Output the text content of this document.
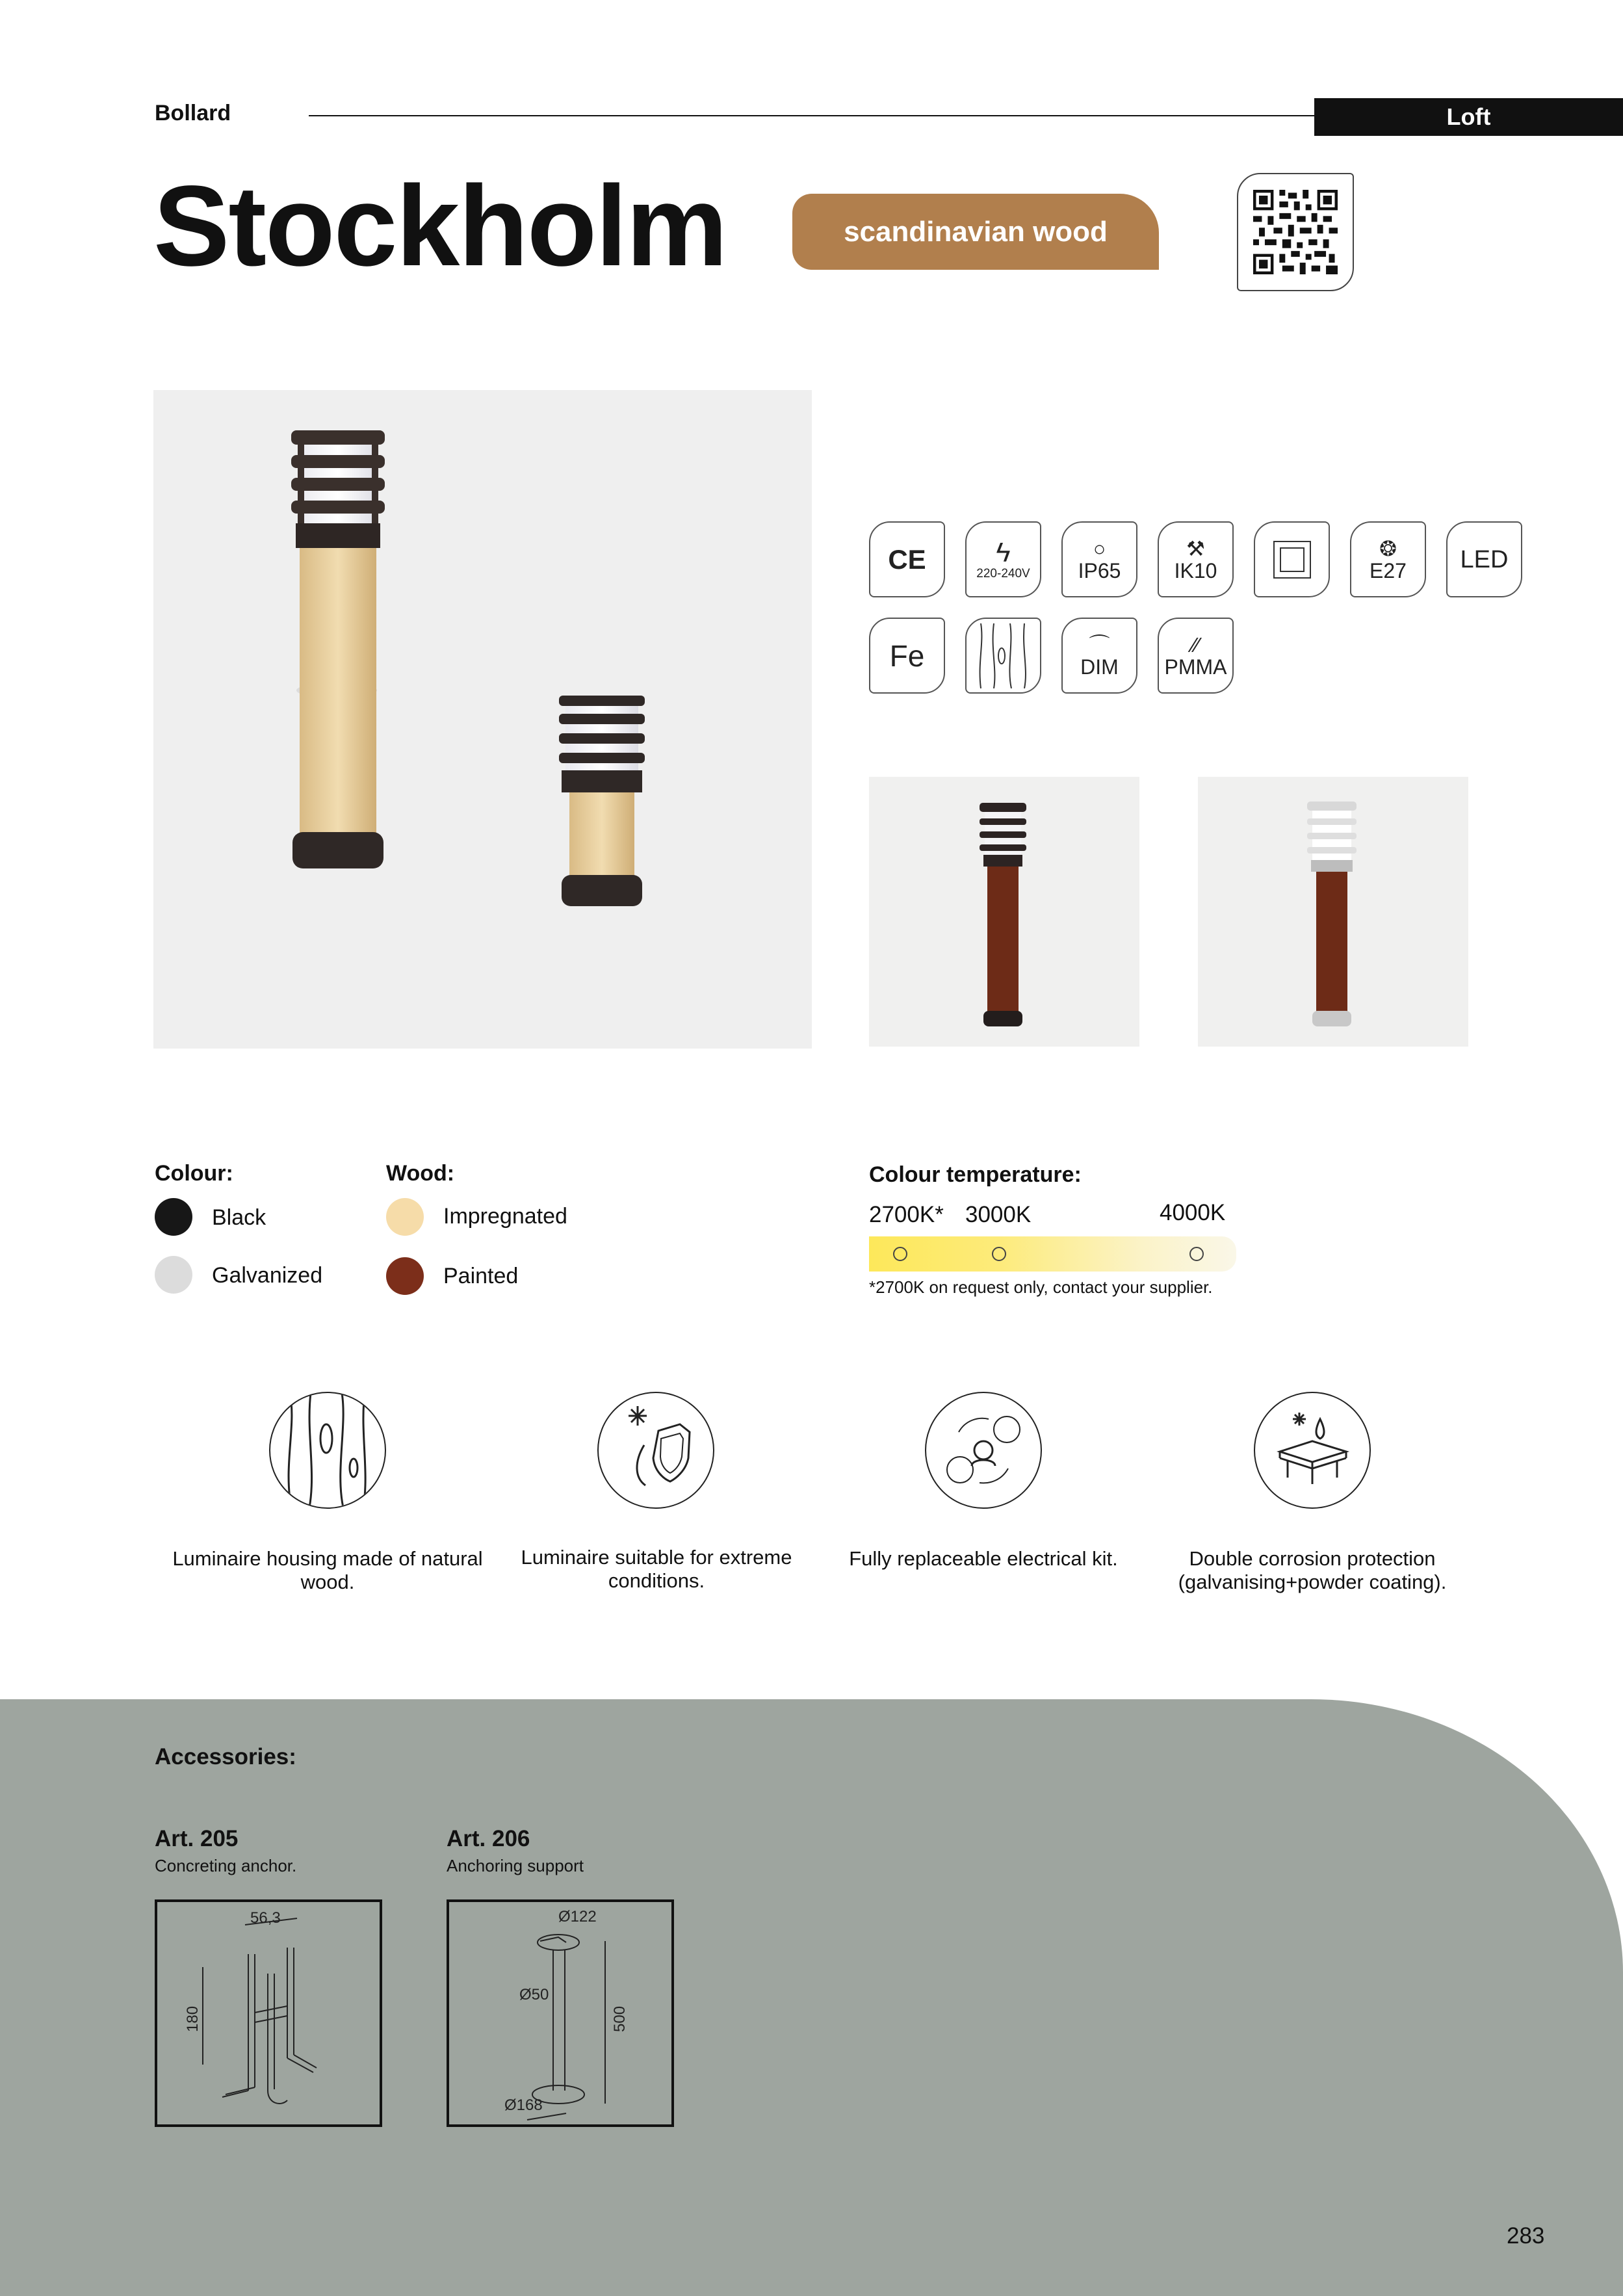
Bollard	Loft
Stockholm	scandinavian wood
CE	ϟ
220-240V
○
IP65
⚒
IK10
❂
E27 LED
Fe	⌒
DIM
∕∕
PMMA
Colour:
Black
Galvanized
Wood:
Impregnated
Painted
Colour temperature:
2700K* 3000K	4000K
*2700K on request only, contact your supplier.
Luminaire housing made of natural wood.
Luminaire suitable for extreme conditions.
Fully replaceable electrical kit.	Double corrosion protection (galvanising+powder coating).
Accessories:
Art. 205
Concreting anchor.
56,3
180
Art. 206
Anchoring support
Ø122
Ø50
500
Ø168
283
